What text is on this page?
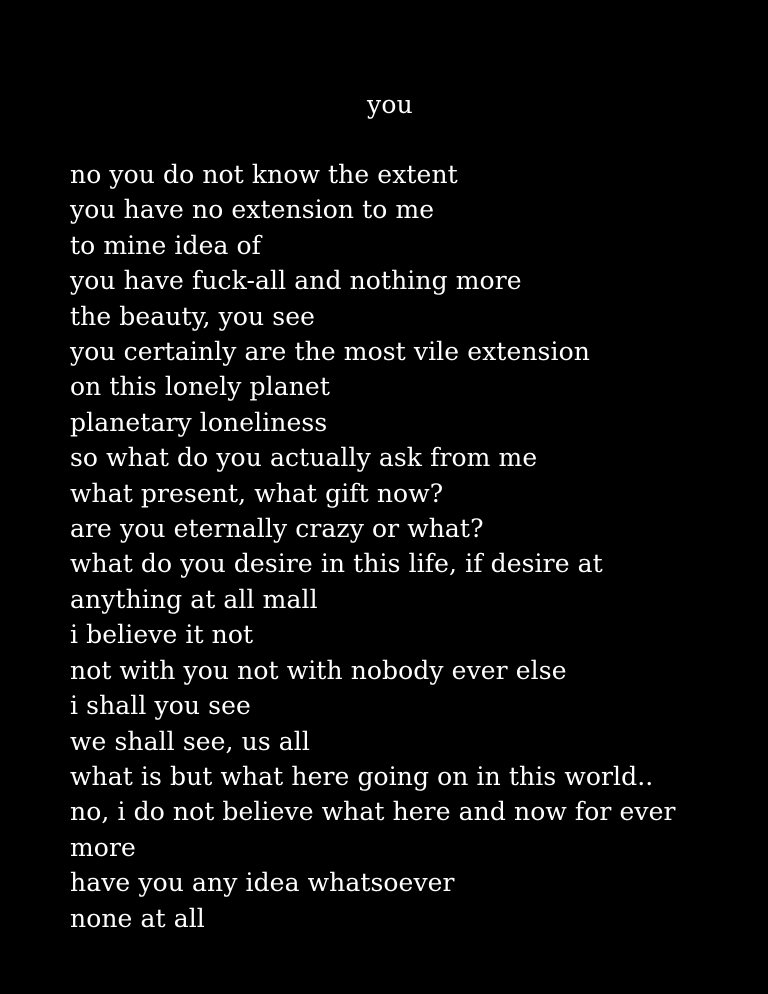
you
no you do not know the extent
you have no extension to me
to mine idea of
you have fuck-all and nothing more
the beauty, you see
you certainly are the most vile extension
on this lonely planet
planetary loneliness
so what do you actually ask from me
what present, what gift now?
are you eternally crazy or what?
what do you desire in this life, if desire at
anything at all mall
i believe it not
not with you not with nobody ever else
i shall you see
we shall see, us all
what is but what here going on in this world..
no, i do not believe what here and now for ever
more
have you any idea whatsoever
none at all
